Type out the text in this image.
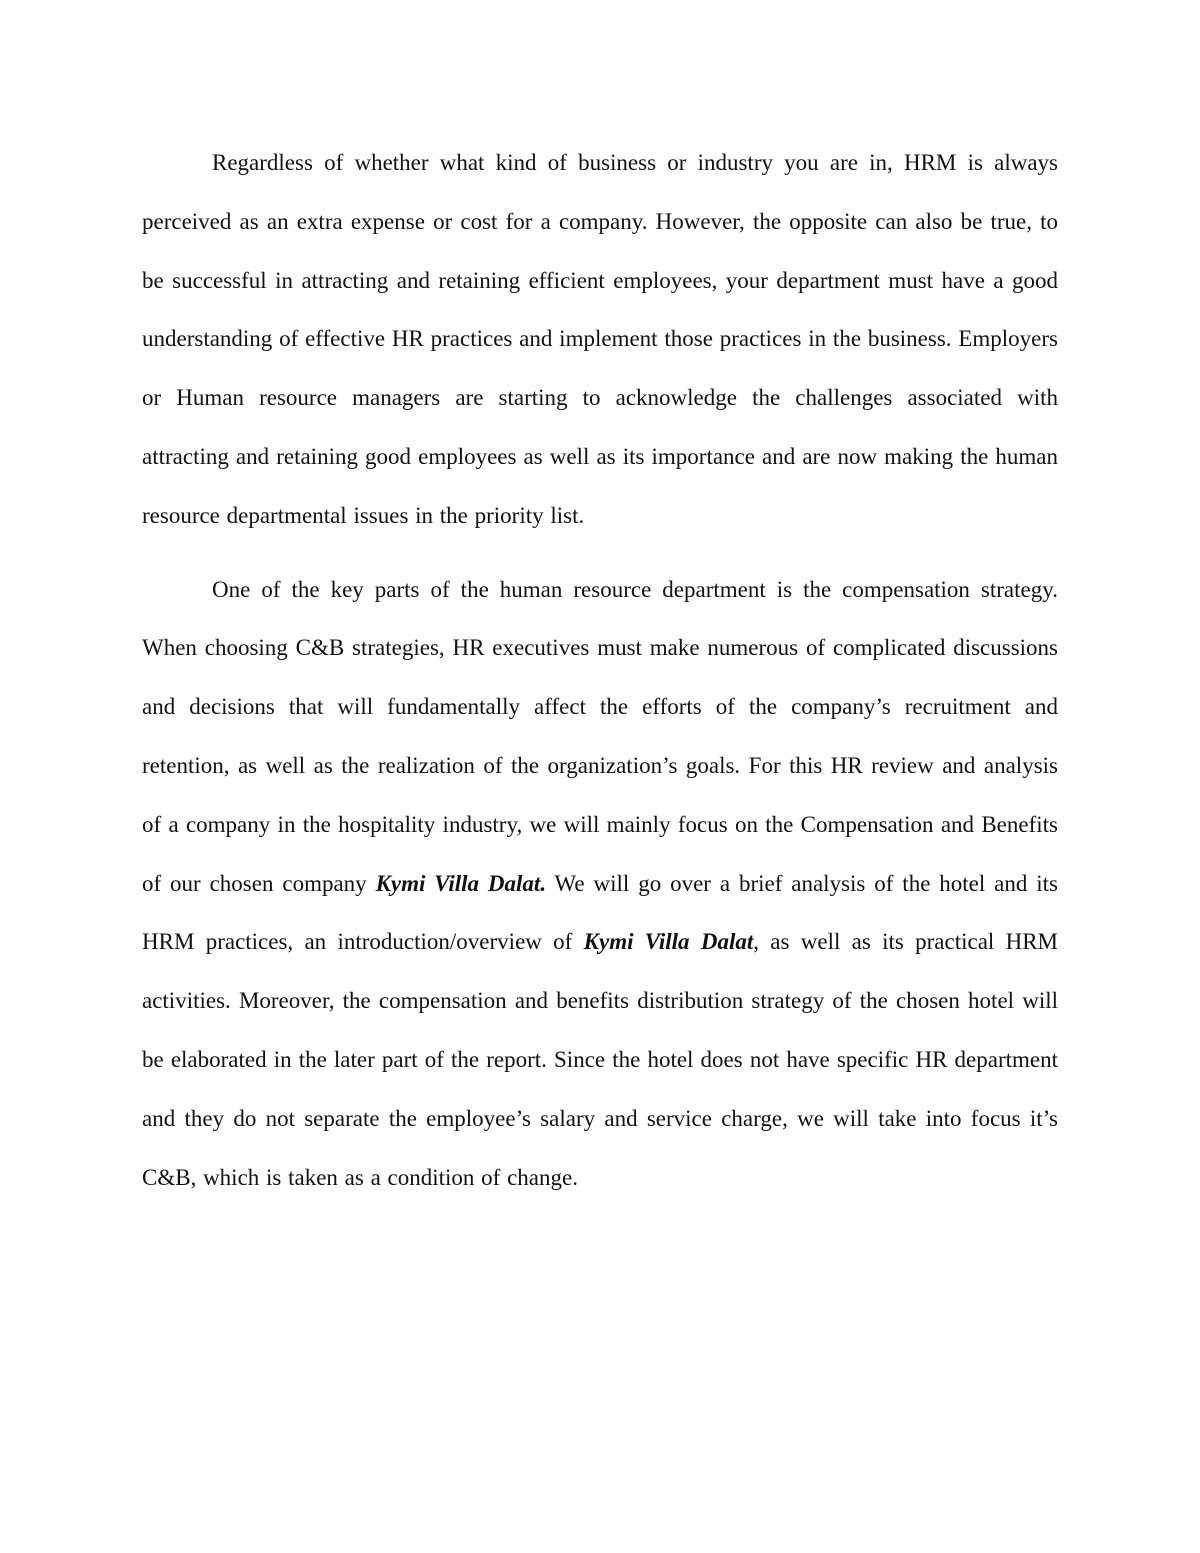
Regardless of whether what kind of business or industry you are in, HRM is always perceived as an extra expense or cost for a company. However, the opposite can also be true, to be successful in attracting and retaining efficient employees, your department must have a good understanding of effective HR practices and implement those practices in the business. Employers or Human resource managers are starting to acknowledge the challenges associated with attracting and retaining good employees as well as its importance and are now making the human resource departmental issues in the priority list.

One of the key parts of the human resource department is the compensation strategy. When choosing C&B strategies, HR executives must make numerous of complicated discussions and decisions that will fundamentally affect the efforts of the company’s recruitment and retention, as well as the realization of the organization’s goals. For this HR review and analysis of a company in the hospitality industry, we will mainly focus on the Compensation and Benefits of our chosen company Kymi Villa Dalat. We will go over a brief analysis of the hotel and its HRM practices, an introduction/overview of Kymi Villa Dalat, as well as its practical HRM activities. Moreover, the compensation and benefits distribution strategy of the chosen hotel will be elaborated in the later part of the report. Since the hotel does not have specific HR department and they do not separate the employee’s salary and service charge, we will take into focus it’s C&B, which is taken as a condition of change.
